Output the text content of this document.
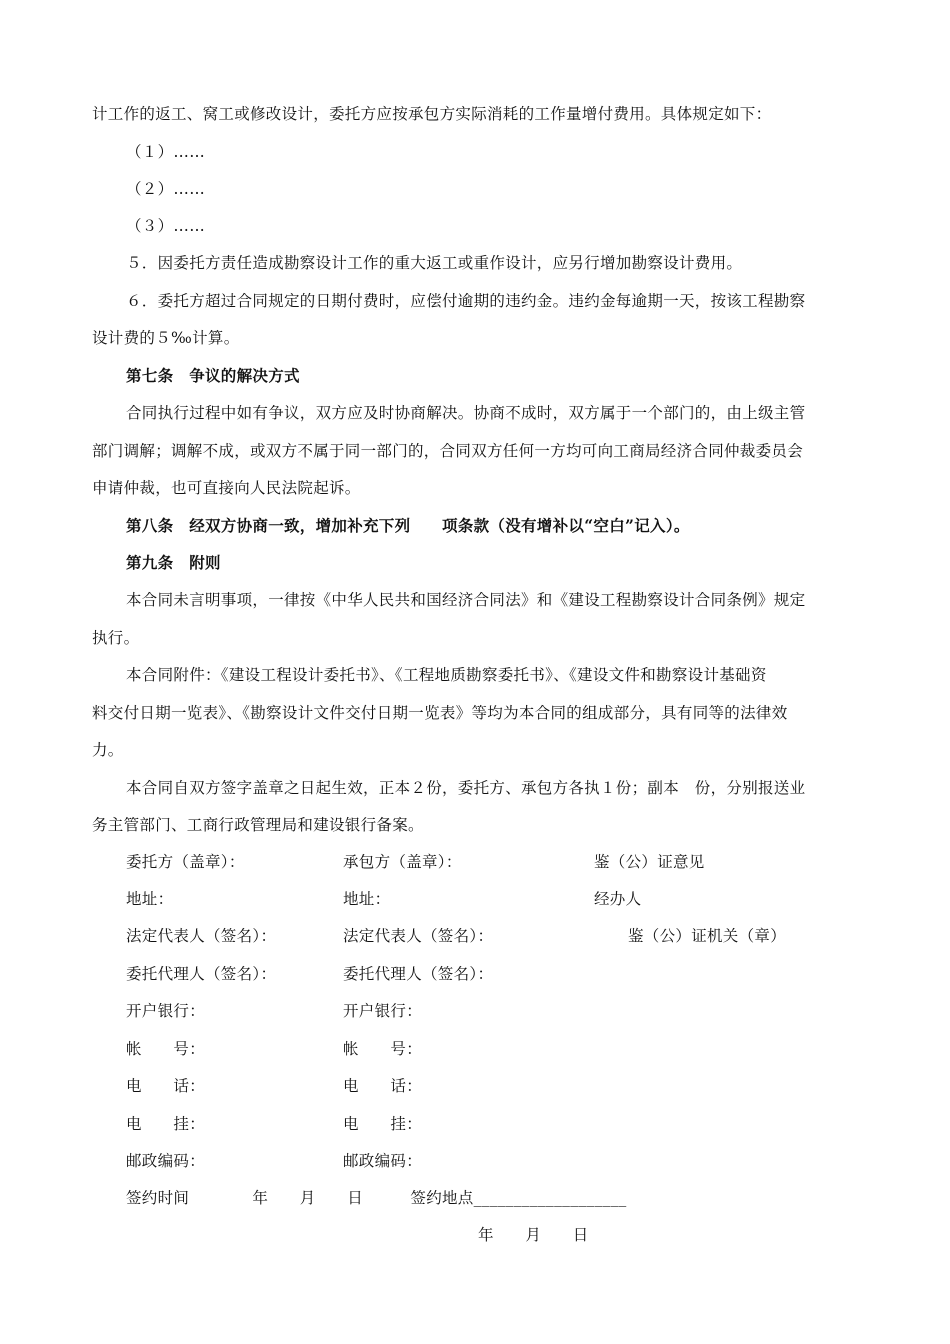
计工作的返工、窝工或修改设计，委托方应按承包方实际消耗的工作量增付费用。具体规定如下：
（１）……
（２）……
（３）……
５．因委托方责任造成勘察设计工作的重大返工或重作设计，应另行增加勘察设计费用。
６．委托方超过合同规定的日期付费时，应偿付逾期的违约金。违约金每逾期一天，按该工程勘察
设计费的５‰计算。
第七条　争议的解决方式
合同执行过程中如有争议，双方应及时协商解决。协商不成时，双方属于一个部门的，由上级主管
部门调解；调解不成，或双方不属于同一部门的，合同双方任何一方均可向工商局经济合同仲裁委员会
申请仲裁，也可直接向人民法院起诉。
第八条　经双方协商一致，增加补充下列　　项条款（没有增补以“空白”记入）。
第九条　附则
本合同未言明事项，一律按《中华人民共和国经济合同法》和《建设工程勘察设计合同条例》规定
执行。
本合同附件：《建设工程设计委托书》、《工程地质勘察委托书》、《建设文件和勘察设计基础资
料交付日期一览表》、《勘察设计文件交付日期一览表》等均为本合同的组成部分，具有同等的法律效
力。
本合同自双方签字盖章之日起生效，正本２份，委托方、承包方各执１份；副本　份，分别报送业
务主管部门、工商行政管理局和建设银行备案。
委托方（盖章）：
地址：
法定代表人（签名）：
委托代理人（签名）：
开户银行：
帐　　号：
电　　话：
电　　挂：
邮政编码：
承包方（盖章）：
地址：
法定代表人（签名）：
委托代理人（签名）：
开户银行：
帐　　号：
电　　话：
电　　挂：
邮政编码：
鉴（公）证意见
经办人
鉴（公）证机关（章）
签约时间　　　　年　　月　　日　　　签约地点___________________
年　　月　　日
